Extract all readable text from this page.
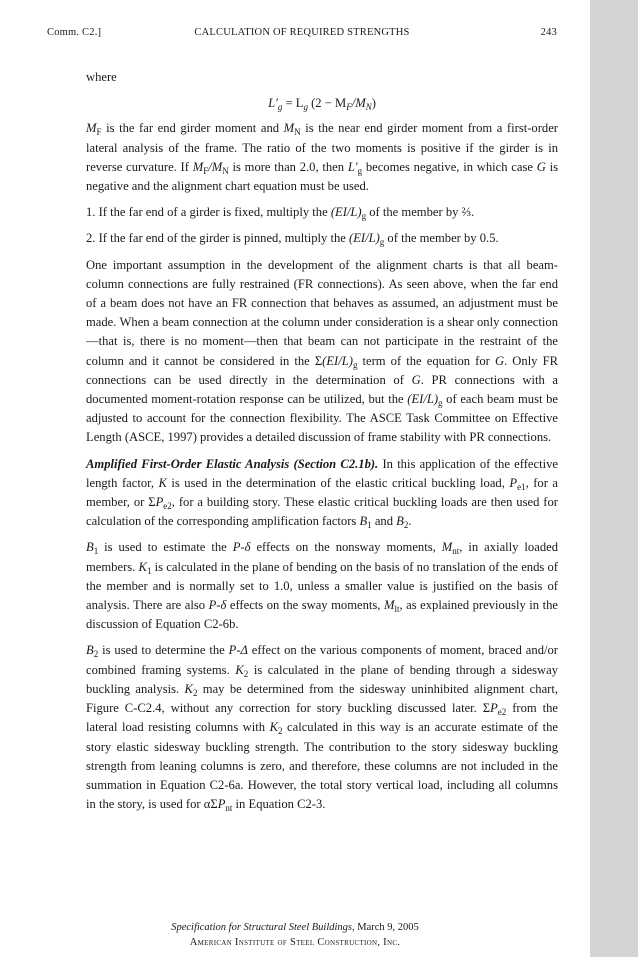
Comm. C2.]	CALCULATION OF REQUIRED STRENGTHS	243

where

$L'_g = L_g$ $(2 - M_F/M_N)$

$M_F$ is the far end girder moment and $M_N$ is the near end girder moment from a first-order lateral analysis of the frame. The ratio of the two moments is positive if the girder is in reverse curvature. If $M_F/M_N$ is more than 2.0, then $L'_g$ becomes negative, in which case G is negative and the alignment chart equation must be used.

1. If the far end of a girder is fixed, multiply the $(EI/L)_g$ of the member by ⅔.

2. If the far end of the girder is pinned, multiply the $(EI/L)_g$ of the member by 0.5.

One important assumption in the development of the alignment charts is that all beam-column connections are fully restrained (FR connections). As seen above, when the far end of a beam does not have an FR connection that behaves as assumed, an adjustment must be made. When a beam connection at the column under consideration is a shear only connection—that is, there is no moment—then that beam can not participate in the restraint of the column and it cannot be considered in the $\Sigma(EI/L)_g$ term of the equation for G. Only FR connections can be used directly in the determination of G. PR connections with a documented moment-rotation response can be utilized, but the $(EI/L)_g$ of each beam must be adjusted to account for the connection flexibility. The ASCE Task Committee on Effective Length (ASCE, 1997) provides a detailed discussion of frame stability with PR connections.

Amplified First-Order Elastic Analysis (Section C2.1b). In this application of the effective length factor, K is used in the determination of the elastic critical buckling load, $P_{e1}$, for a member, or $\Sigma P_{e2}$, for a building story. These elastic critical buckling loads are then used for calculation of the corresponding amplification factors $B_1$ and $B_2$.

$B_1$ is used to estimate the P-δ effects on the nonsway moments, $M_{nt}$, in axially loaded members. $K_1$ is calculated in the plane of bending on the basis of no translation of the ends of the member and is normally set to 1.0, unless a smaller value is justified on the basis of analysis. There are also P-δ effects on the sway moments, $M_{lt}$, as explained previously in the discussion of Equation C2-6b.

$B_2$ is used to determine the P-Δ effect on the various components of moment, braced and/or combined framing systems. $K_2$ is calculated in the plane of bending through a sidesway buckling analysis. $K_2$ may be determined from the sidesway uninhibited alignment chart, Figure C-C2.4, without any correction for story buckling discussed later. $\Sigma P_{e2}$ from the lateral load resisting columns with $K_2$ calculated in this way is an accurate estimate of the story elastic sidesway buckling strength. The contribution to the story sidesway buckling strength from leaning columns is zero, and therefore, these columns are not included in the summation in Equation C2-6a. However, the total story vertical load, including all columns in the story, is used for αΣP$_{nt}$ in Equation C2-3.

Specification for Structural Steel Buildings, March 9, 2005
American Institute of Steel Construction, Inc.
